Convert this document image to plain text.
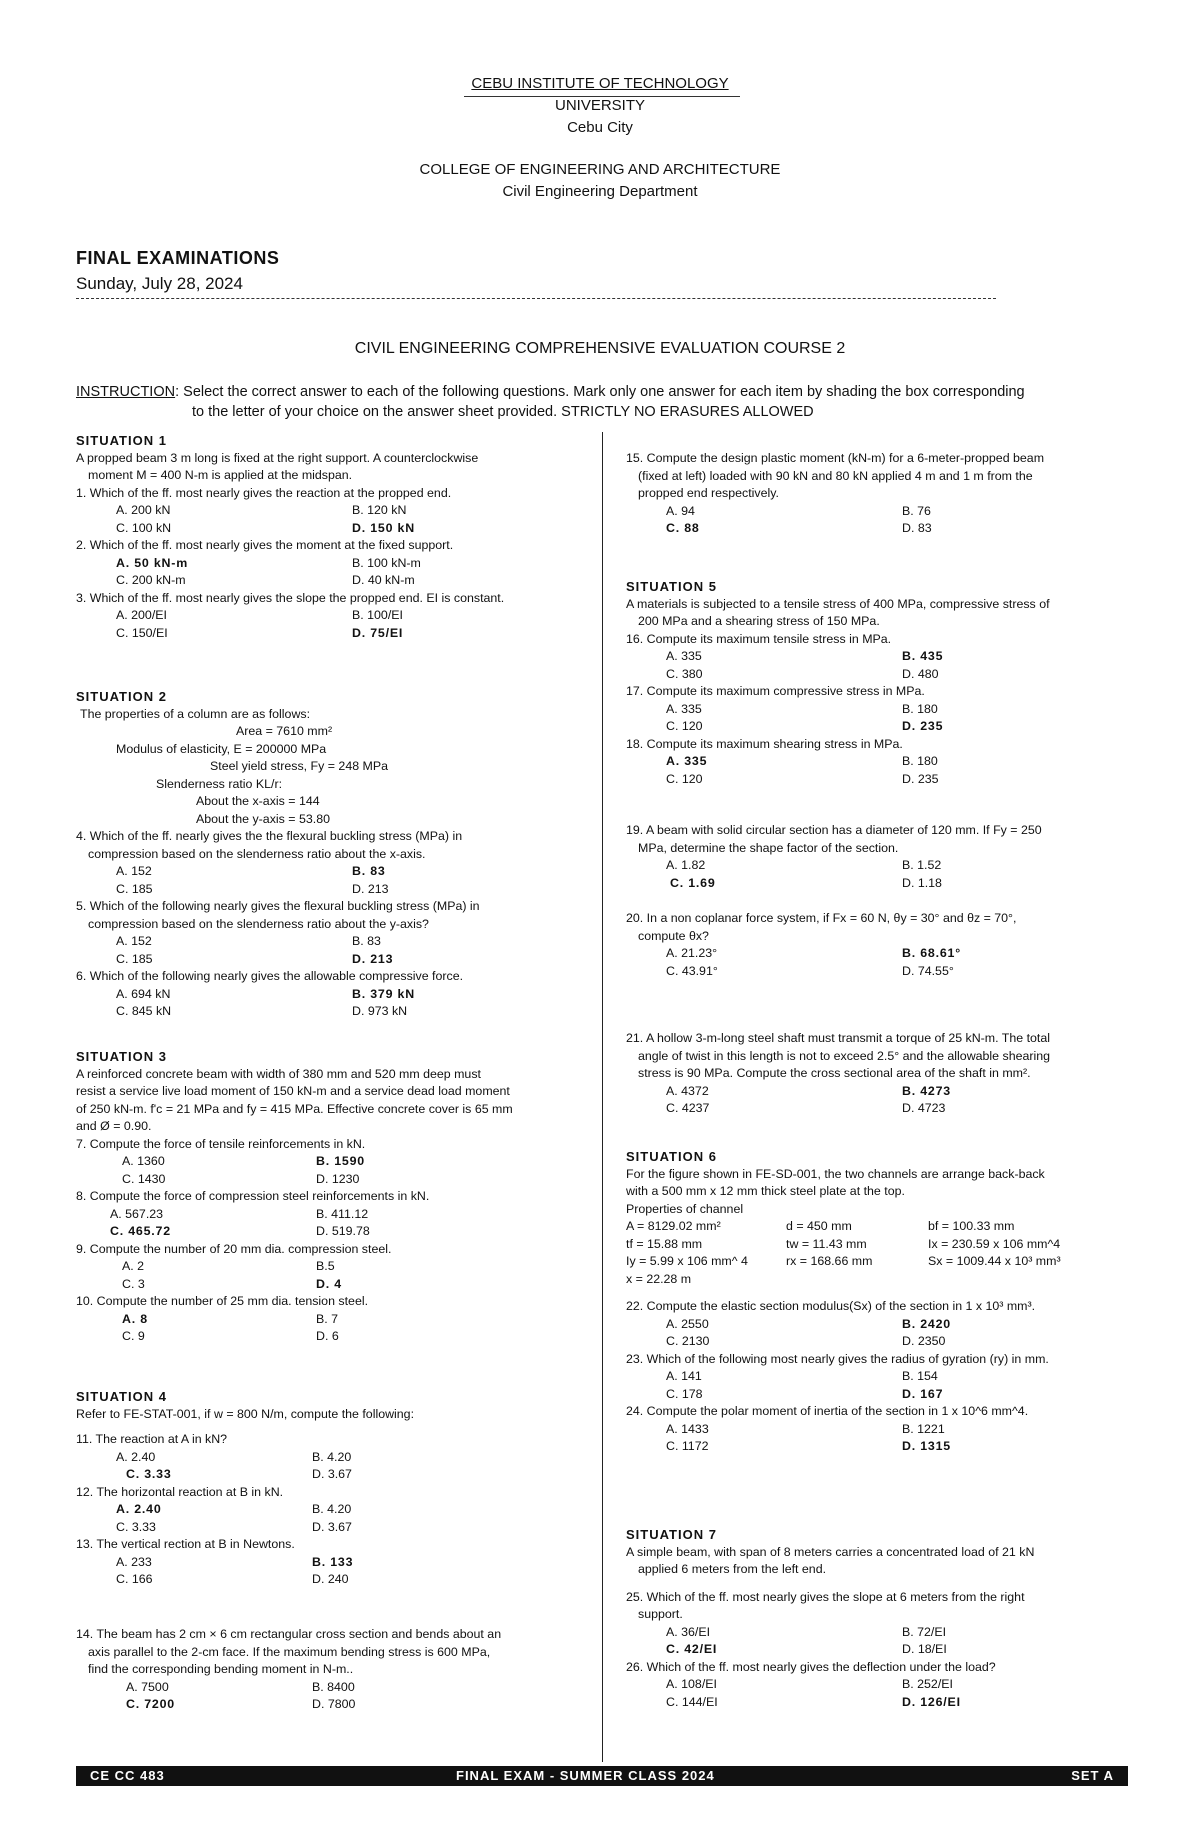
CEBU INSTITUTE OF TECHNOLOGY
UNIVERSITY
Cebu City
COLLEGE OF ENGINEERING AND ARCHITECTURE
Civil Engineering Department
FINAL EXAMINATIONS
Sunday, July 28, 2024
CIVIL ENGINEERING COMPREHENSIVE EVALUATION COURSE 2
INSTRUCTION: Select the correct answer to each of the following questions. Mark only one answer for each item by shading the box corresponding
to the letter of your choice on the answer sheet provided. STRICTLY NO ERASURES ALLOWED
SITUATION 1
A propped beam 3 m long is fixed at the right support. A counterclockwise
moment M = 400 N-m is applied at the midspan.
1. Which of the ff. most nearly gives the reaction at the propped end.
A. 200 kN	B. 120 kN
C. 100 kN	D. 150 kN
2. Which of the ff. most nearly gives the moment at the fixed support.
A. 50 kN-m	B. 100 kN-m
C. 200 kN-m	D. 40 kN-m
3. Which of the ff. most nearly gives the slope the propped end. EI is constant.
A. 200/EI	B. 100/EI
C. 150/EI	D. 75/EI
SITUATION 2
The properties of a column are as follows:
Area = 7610 mm²
Modulus of elasticity, E = 200000 MPa
Steel yield stress, Fy = 248 MPa
Slenderness ratio KL/r:
About the x-axis = 144
About the y-axis = 53.80
4. Which of the ff. nearly gives the the flexural buckling stress (MPa) in
compression based on the slenderness ratio about the x-axis.
A. 152	B. 83
C. 185	D. 213
5. Which of the following nearly gives the flexural buckling stress (MPa) in
compression based on the slenderness ratio about the y-axis?
A. 152	B. 83
C. 185	D. 213
6. Which of the following nearly gives the allowable compressive force.
A. 694 kN	B. 379 kN
C. 845 kN	D. 973 kN
SITUATION 3
A reinforced concrete beam with width of 380 mm and 520 mm deep must
resist a service live load moment of 150 kN-m and a service dead load moment
of 250 kN-m. f'c = 21 MPa and fy = 415 MPa. Effective concrete cover is 65 mm
and Ø = 0.90.
7. Compute the force of tensile reinforcements in kN.
A. 1360	B. 1590
C. 1430	D. 1230
8. Compute the force of compression steel reinforcements in kN.
A. 567.23	B. 411.12
C. 465.72	D. 519.78
9. Compute the number of 20 mm dia. compression steel.
A. 2	B.5
C. 3	D. 4
10. Compute the number of 25 mm dia. tension steel.
A. 8	B. 7
C. 9	D. 6
SITUATION 4
Refer to FE-STAT-001, if w = 800 N/m, compute the following:
11. The reaction at A in kN?
A. 2.40	B. 4.20
C. 3.33	D. 3.67
12. The horizontal reaction at B in kN.
A. 2.40	B. 4.20
C. 3.33	D. 3.67
13. The vertical rection at B in Newtons.
A. 233	B. 133
C. 166	D. 240
14. The beam has 2 cm × 6 cm rectangular cross section and bends about an
axis parallel to the 2-cm face. If the maximum bending stress is 600 MPa,
find the corresponding bending moment in N-m..
A. 7500	B. 8400
C. 7200	D. 7800
15. Compute the design plastic moment (kN-m) for a 6-meter-propped beam
(fixed at left) loaded with 90 kN and 80 kN applied 4 m and 1 m from the
propped end respectively.
A. 94	B. 76
C. 88	D. 83
SITUATION 5
A materials is subjected to a tensile stress of 400 MPa, compressive stress of
200 MPa and a shearing stress of 150 MPa.
16. Compute its maximum tensile stress in MPa.
A. 335	B. 435
C. 380	D. 480
17. Compute its maximum compressive stress in MPa.
A. 335	B. 180
C. 120	D. 235
18. Compute its maximum shearing stress in MPa.
A. 335	B. 180
C. 120	D. 235
19. A beam with solid circular section has a diameter of 120 mm. If Fy = 250
MPa, determine the shape factor of the section.
A. 1.82	B. 1.52
C. 1.69	D. 1.18
20. In a non coplanar force system, if Fx = 60 N, θy = 30° and θz = 70°,
compute θx?
A. 21.23°	B. 68.61°
C. 43.91°	D. 74.55°
21. A hollow 3-m-long steel shaft must transmit a torque of 25 kN-m. The total
angle of twist in this length is not to exceed 2.5° and the allowable shearing
stress is 90 MPa. Compute the cross sectional area of the shaft in mm².
A. 4372	B. 4273
C. 4237	D. 4723
SITUATION 6
For the figure shown in FE-SD-001, the two channels are arrange back-back
with a 500 mm x 12 mm thick steel plate at the top.
Properties of channel
A = 8129.02 mm²	d = 450 mm	bf = 100.33 mm
tf = 15.88 mm	tw = 11.43 mm	Ix = 230.59 x 106 mm^4
Iy = 5.99 x 106 mm^ 4	rx = 168.66 mm	Sx = 1009.44 x 10³ mm³
x = 22.28 m
22. Compute the elastic section modulus(Sx) of the section in 1 x 10³ mm³.
A. 2550	B. 2420
C. 2130	D. 2350
23. Which of the following most nearly gives the radius of gyration (ry) in mm.
A. 141	B. 154
C. 178	D. 167
24. Compute the polar moment of inertia of the section in 1 x 10^6 mm^4.
A. 1433	B. 1221
C. 1172	D. 1315
SITUATION 7
A simple beam, with span of 8 meters carries a concentrated load of 21 kN
applied 6 meters from the left end.
25. Which of the ff. most nearly gives the slope at 6 meters from the right
support.
A. 36/EI	B. 72/EI
C. 42/EI	D. 18/EI
26. Which of the ff. most nearly gives the deflection under the load?
A. 108/EI	B. 252/EI
C. 144/EI	D. 126/EI
CE CC 483	FINAL EXAM - SUMMER CLASS 2024	SET A
